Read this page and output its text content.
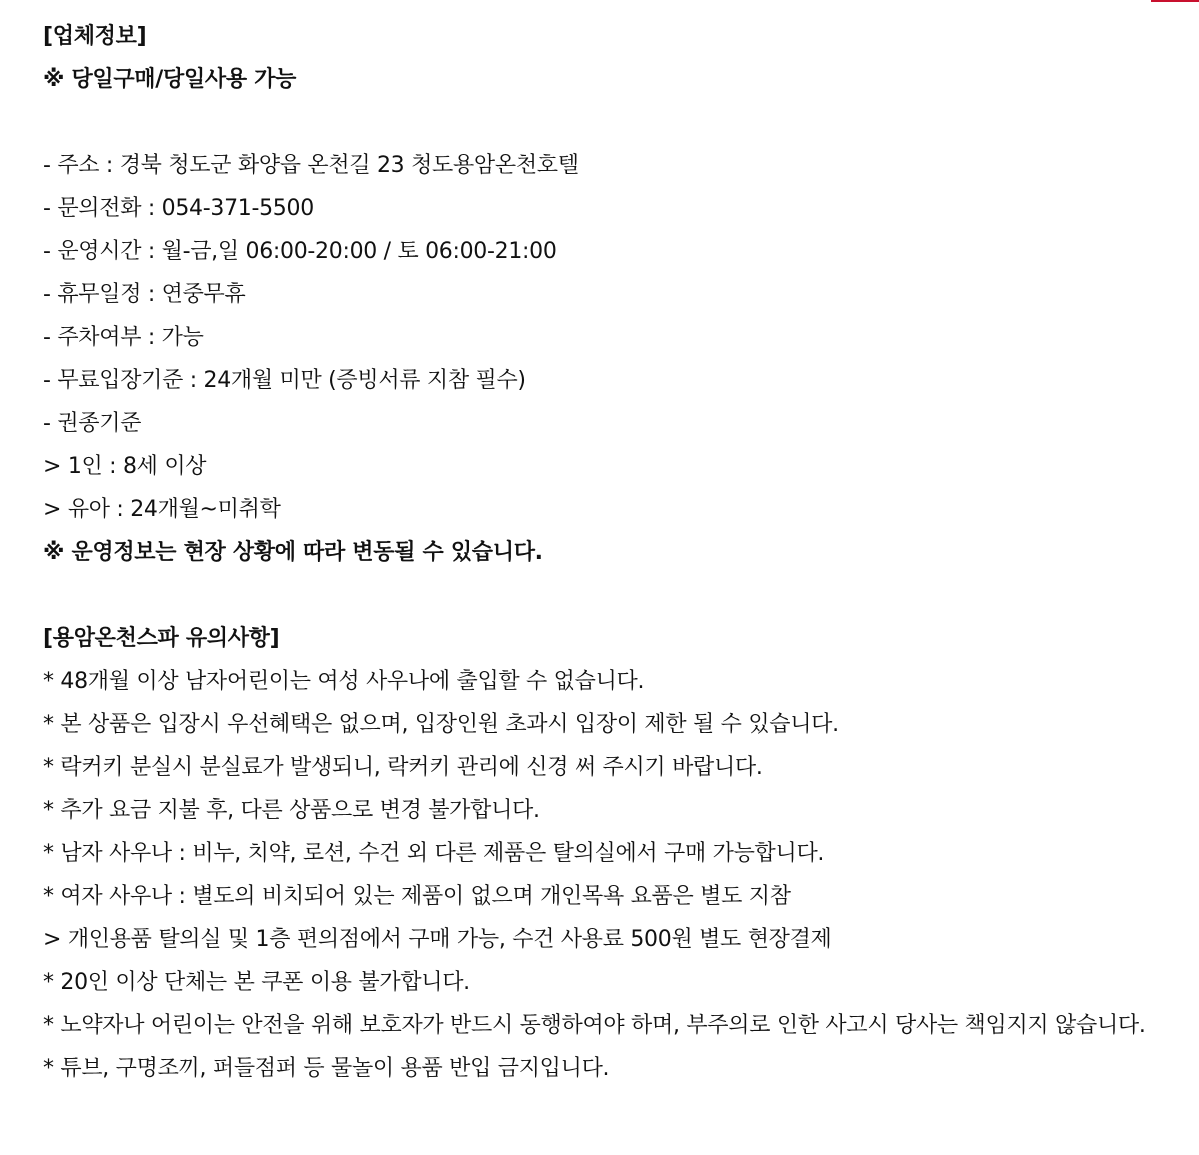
[업체정보]
※ 당일구매/당일사용 가능
- 주소 : 경북 청도군 화양읍 온천길 23 청도용암온천호텔
- 문의전화 : 054-371-5500
- 운영시간 : 월-금,일 06:00-20:00 / 토 06:00-21:00
- 휴무일정 : 연중무휴
- 주차여부 : 가능
- 무료입장기준 : 24개월 미만 (증빙서류 지참 필수)
- 권종기준
> 1인 : 8세 이상
> 유아 : 24개월~미취학
※ 운영정보는 현장 상황에 따라 변동될 수 있습니다.
[용암온천스파 유의사항]
* 48개월 이상 남자어린이는 여성 사우나에 출입할 수 없습니다.
* 본 상품은 입장시 우선혜택은 없으며, 입장인원 초과시 입장이 제한 될 수 있습니다.
* 락커키 분실시 분실료가 발생되니, 락커키 관리에 신경 써 주시기 바랍니다.
* 추가 요금 지불 후, 다른 상품으로 변경 불가합니다.
* 남자 사우나 : 비누, 치약, 로션, 수건 외 다른 제품은 탈의실에서 구매 가능합니다.
* 여자 사우나 : 별도의 비치되어 있는 제품이 없으며 개인목욕 요품은 별도 지참
> 개인용품 탈의실 및 1층 편의점에서 구매 가능, 수건 사용료 500원 별도 현장결제
* 20인 이상 단체는 본 쿠폰 이용 불가합니다.
* 노약자나 어린이는 안전을 위해 보호자가 반드시 동행하여야 하며, 부주의로 인한 사고시 당사는 책임지지 않습니다.
* 튜브, 구명조끼, 퍼들점퍼 등 물놀이 용품 반입 금지입니다.
